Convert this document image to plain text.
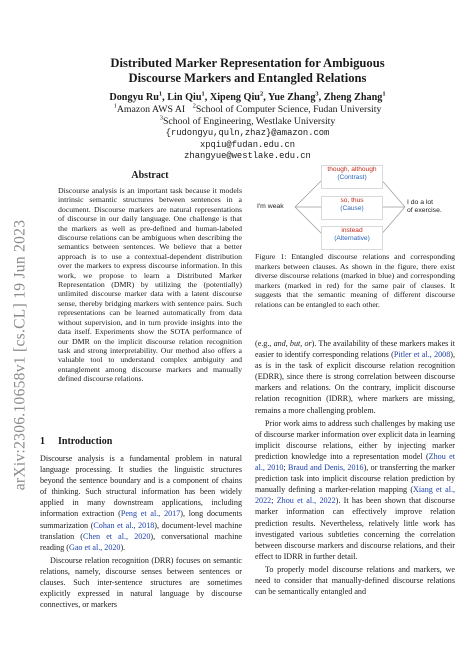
arXiv:2306.10658v1 [cs.CL] 19 Jun 2023
Distributed Marker Representation for Ambiguous
Discourse Markers and Entangled Relations
Dongyu Ru$^1$, Lin Qiu$^1$, Xipeng Qiu$^2$, Yue Zhang$^3$, Zheng Zhang$^1$
$^1$Amazon AWS AI $^2$School of Computer Science, Fudan University
$^3$School of Engineering, Westlake University
{rudongyu,quln,zhaz}@amazon.com
xpqiu@fudan.edu.cn
zhangyue@westlake.edu.cn
Abstract

Discourse analysis is an important task because it models intrinsic semantic structures between sentences in a document. Discourse markers are natural representations of discourse in our daily language. One challenge is that the markers as well as pre-defined and human-labeled discourse relations can be ambiguous when describing the semantics between sentences. We believe that a better approach is to use a contextual-dependent distribution over the markers to express discourse information. In this work, we propose to learn a Distributed Marker Representation (DMR) by utilizing the (potentially) unlimited discourse marker data with a latent discourse sense, thereby bridging markers with sentence pairs. Such representations can be learned automatically from data without supervision, and in turn provide insights into the data itself. Experiments show the SOTA performance of our DMR on the implicit discourse relation recognition task and strong interpretability. Our method also offers a valuable tool to understand complex ambiguity and entanglement among discourse markers and manually defined discourse relations.

1 Introduction

Discourse analysis is a fundamental problem in natural language processing. It studies the linguistic structures beyond the sentence boundary and is a component of chains of thinking. Such structural information has been widely applied in many downstream applications, including information extraction (Peng et al., 2017), long documents summarization (Cohan et al., 2018), document-level machine translation (Chen et al., 2020), conversational machine reading (Gao et al., 2020).

Discourse relation recognition (DRR) focuses on semantic relations, namely, discourse senses between sentences or clauses. Such inter-sentence structures are sometimes explicitly expressed in natural language by discourse connectives, or markers

I'm weak
though, although
(Contrast)
so, thus
(Cause)
instead
(Alternative)
I do a lot
of exercise.

Figure 1: Entangled discourse relations and corresponding markers between clauses. As shown in the figure, there exist diverse discourse relations (marked in blue) and corresponding markers (marked in red) for the same pair of clauses. It suggests that the semantic meaning of different discourse relations can be entangled to each other.

(e.g., and, but, or). The availability of these markers makes it easier to identify corresponding relations (Pitler et al., 2008), as is in the task of explicit discourse relation recognition (EDRR), since there is strong correlation between discourse markers and relations. On the contrary, implicit discourse relation recognition (IDRR), where markers are missing, remains a more challenging problem.

Prior work aims to address such challenges by making use of discourse marker information over explicit data in learning implicit discourse relations, either by injecting marker prediction knowledge into a representation model (Zhou et al., 2010; Braud and Denis, 2016), or transferring the marker prediction task into implicit discourse relation prediction by manually defining a marker-relation mapping (Xiang et al., 2022; Zhou et al., 2022). It has been shown that discourse marker information can effectively improve relation prediction results. Nevertheless, relatively little work has investigated various subtleties concerning the correlation between discourse markers and discourse relations, and their effect to IDRR in further detail.

To properly model discourse relations and markers, we need to consider that manually-defined discourse relations can be semantically entangled and
